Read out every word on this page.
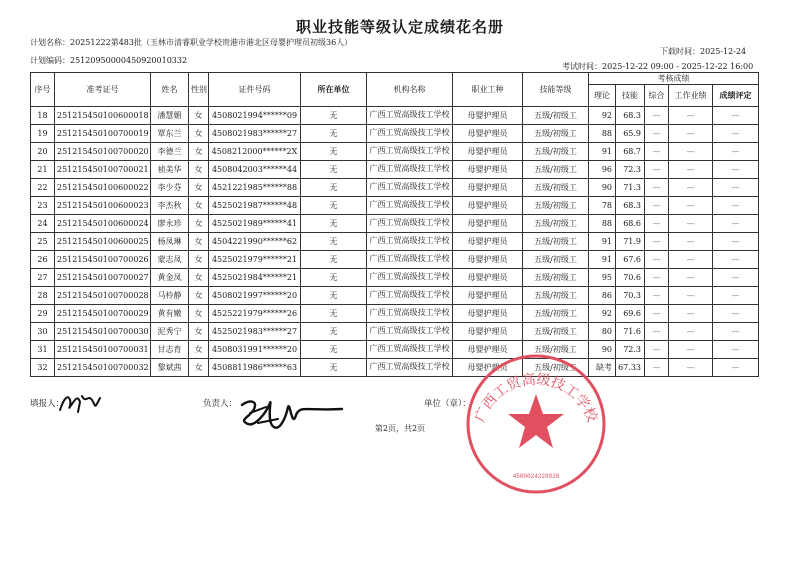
职业技能等级认定成绩花名册
计划名称：20251222第483批（玉林市清睿职业学校贵港市港北区母婴护理员初级36人）
计划编码：25120950000450920010332
下载时间：2025-12-24
考试时间：2025-12-22 09:00 - 2025-12-22 16:00
序号	准考证号	姓名	性别	证件号码	所在单位	机构名称	职业工种	技能等级	考核成绩				
									理论	技能	综合	工作业绩	成绩评定
18	251215450100600018	潘慧媚	女	4508021994******09	无	广西工贸高级技工学校	母婴护理员	五级/初级工	92	68.3	—	—	—
19	251215450100700019	覃东兰	女	4508021983******27	无	广西工贸高级技工学校	母婴护理员	五级/初级工	88	65.9	—	—	—
20	251215450100700020	李德兰	女	4508212000******2X	无	广西工贸高级技工学校	母婴护理员	五级/初级工	91	68.7	—	—	—
21	251215450100700021	祯美华	女	4508042003******44	无	广西工贸高级技工学校	母婴护理员	五级/初级工	96	72.3	—	—	—
22	251215450100600022	李少芬	女	4521221985******88	无	广西工贸高级技工学校	母婴护理员	五级/初级工	90	71.3	—	—	—
23	251215450100600023	李杰秋	女	4525021987******48	无	广西工贸高级技工学校	母婴护理员	五级/初级工	78	68.3	—	—	—
24	251215450100600024	廖永珍	女	4525021989******41	无	广西工贸高级技工学校	母婴护理员	五级/初级工	88	68.6	—	—	—
25	251215450100600025	杨凤琳	女	4504221990******62	无	广西工贸高级技工学校	母婴护理员	五级/初级工	91	71.9	—	—	—
26	251215450100700026	蒙志凤	女	4525021979******21	无	广西工贸高级技工学校	母婴护理员	五级/初级工	91	67.6	—	—	—
27	251215450100700027	黄金凤	女	4525021984******21	无	广西工贸高级技工学校	母婴护理员	五级/初级工	95	70.6	—	—	—
28	251215450100700028	马柃静	女	4508021997******20	无	广西工贸高级技工学校	母婴护理员	五级/初级工	86	70.3	—	—	—
29	251215450100700029	黄有嫩	女	4525221979******26	无	广西工贸高级技工学校	母婴护理员	五级/初级工	92	69.6	—	—	—
30	251215450100700030	泥秀宁	女	4525021983******27	无	广西工贸高级技工学校	母婴护理员	五级/初级工	80	71.6	—	—	—
31	251215450100700031	甘志育	女	4508031991******20	无	广西工贸高级技工学校	母婴护理员	五级/初级工	90	72.3	—	—	—
32	251215450100700032	黎斌茜	女	4508811986******63	无	广西工贸高级技工学校	母婴护理员	五级/初级工	缺考	67.33	—	—	—
填报人：	负责人：	单位（章）：
第2页，共2页
4500024228928
广西工贸高级技工学校
